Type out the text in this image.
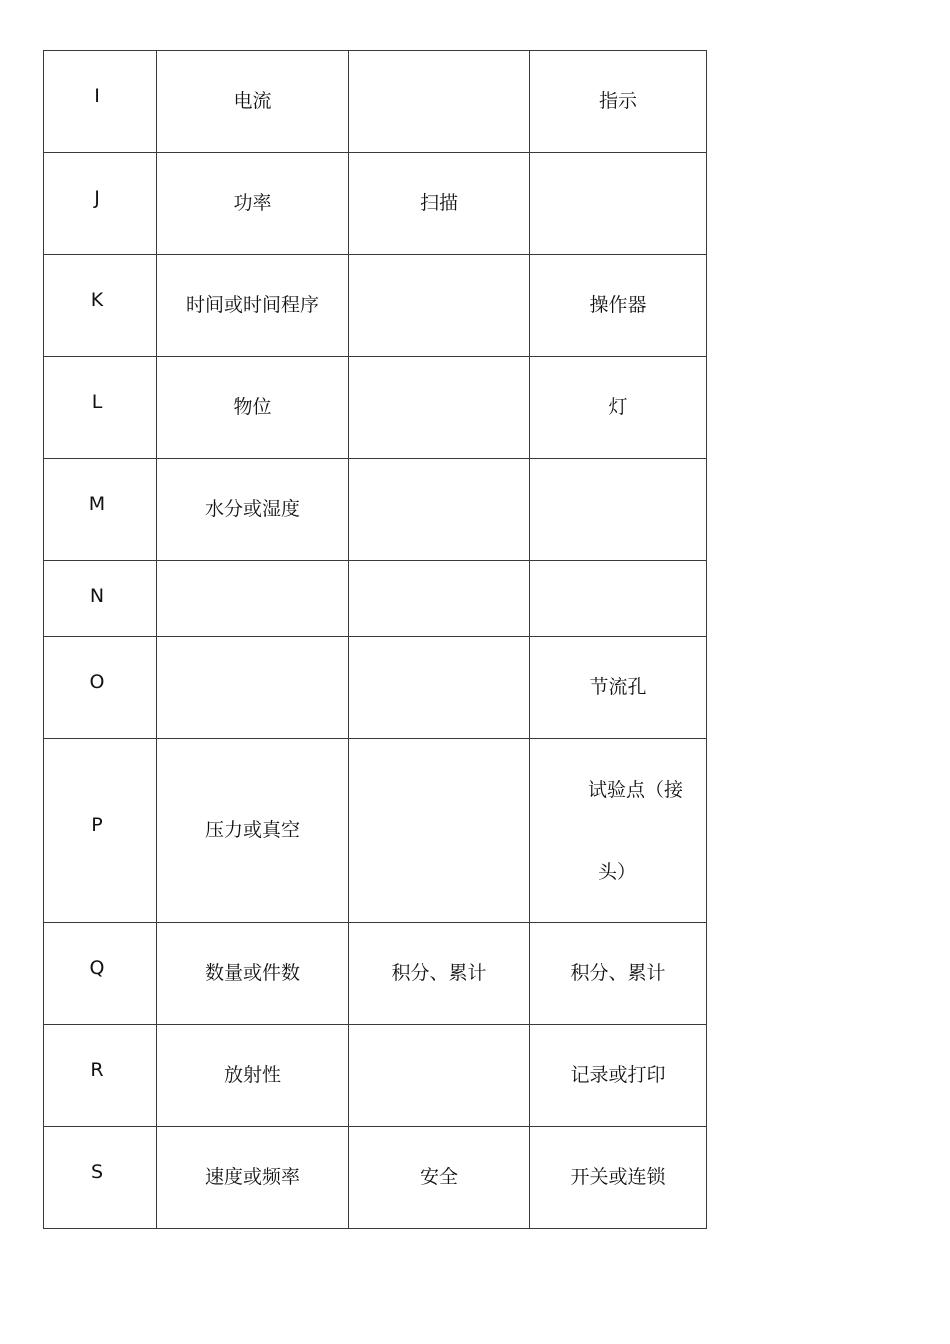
I	电流		指示

J	功率	扫描	

K	时间或时间程序		操作器

L	物位		灯

M	水分或湿度		

N			

O			节流孔

P	压力或真空		试验点（接
头）

Q	数量或件数	积分、累计	积分、累计

R	放射性		记录或打印

S	速度或频率	安全	开关或连锁
